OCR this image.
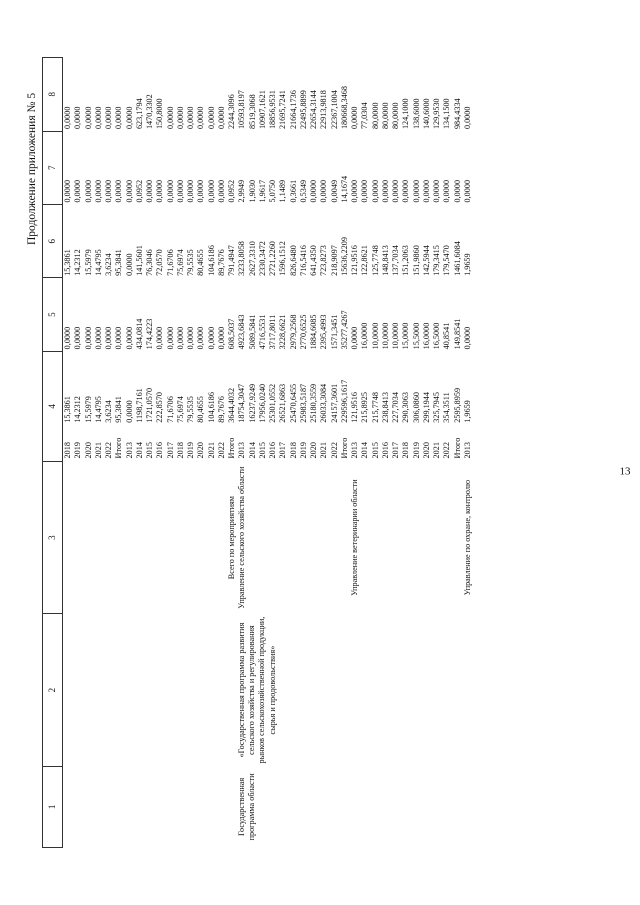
13
Продолжение приложения № 5
1	2	3	4		5	6	7	8
		Всего по мероприятиям	2018	15,3861	0,0000	15,3861	0,0000	0,0000
			2019	14,2312	0,0000	14,2312	0,0000	0,0000
			2020	15,5979	0,0000	15,5979	0,0000	0,0000
			2021	14,4795	0,0000	14,4795	0,0000	0,0000
			2022	3,6234	0,0000	3,6234	0,0000	0,0000
			Итого	95,3841	0,0000	95,3841	0,0000	0,0000
			2013	0,0000	0,0000	0,0000	0,0000	0,0000
			2014	1198,7161	434,0814	141,5601	0,0952	623,1794
			2015	1721,0570	174,4223	76,3046	0,0000	1470,3302
			2016	222,8570	0,0000	72,0570	0,0000	150,8000
			2017	71,6706	0,0000	71,6706	0,0000	0,0000
			2018	75,6974	0,0000	75,6974	0,0000	0,0000
			2019	79,5535	0,0000	79,5535	0,0000	0,0000
			2020	80,4655	0,0000	80,4655	0,0000	0,0000
			2021	104,6186	0,0000	104,6186	0,0000	0,0000
			2022	89,7676	0,0000	89,7676	0,0000	0,0000
			Итого	3644,4032	608,5037	791,4947	0,0952	2244,3096
Государственная программа области	«Государственная программа развития сельского хозяйства и регулирования рынков сельскохозяйственной продукции, сырья и продовольствия»	Управление сельского хозяйства области	2013	18754,3047	4923,6843	3233,8058	2,9949	10593,8197
			2014	16237,9249	5089,5841	2627,3310	1,9030	8519,3068
			2015	17956,0240	4716,5531	2330,3472	1,9617	10907,1621
			2016	25301,0552	3717,8011	2721,2260	5,0750	18856,9531
			2017	26521,6863	3228,6621	1596,1512	1,1489	21695,7241
			2018	25470,6455	2979,2568	826,6480	0,3661	21664,1736
			2019	25983,5187	2770,6525	716,5416	0,5349	22495,8899
			2020	25180,3559	1884,6085	641,4350	0,0000	22654,3144
			2021	26033,3084	2395,4993	723,8273	0,0000	22913,9818
			2022	24157,3601	1571,3451	218,9097	0,0049	22367,1004
			Итого	229596,1617	35277,4267	15636,2209	14,1674	180668,3468
		Управление ветеринарии области	2013	121,9516	0,0000	121,9516	0,0000	0,0000
			2014	215,8925	16,0000	122,8621	0,0000	77,0304
			2015	215,7748	10,0000	125,7748	0,0000	80,0000
			2016	238,8413	10,0000	148,8413	0,0000	80,0000
			2017	227,7034	10,0000	137,7034	0,0000	80,0000
			2018	290,3063	15,0000	151,2063	0,0000	124,1000
			2019	306,0860	15,5000	151,9860	0,0000	138,6000
			2020	299,1944	16,0000	142,5944	0,0000	140,6000
			2021	325,7945	16,5000	179,3415	0,0000	129,9530
			2022	354,3511	40,8541	179,5470	0,0000	134,1500
			Итого	2595,8959	149,8541	1461,6084	0,0000	984,4334
		Управление по охране, контролю	2013	1,9659	0,0000	1,9659	0,0000	0,0000
